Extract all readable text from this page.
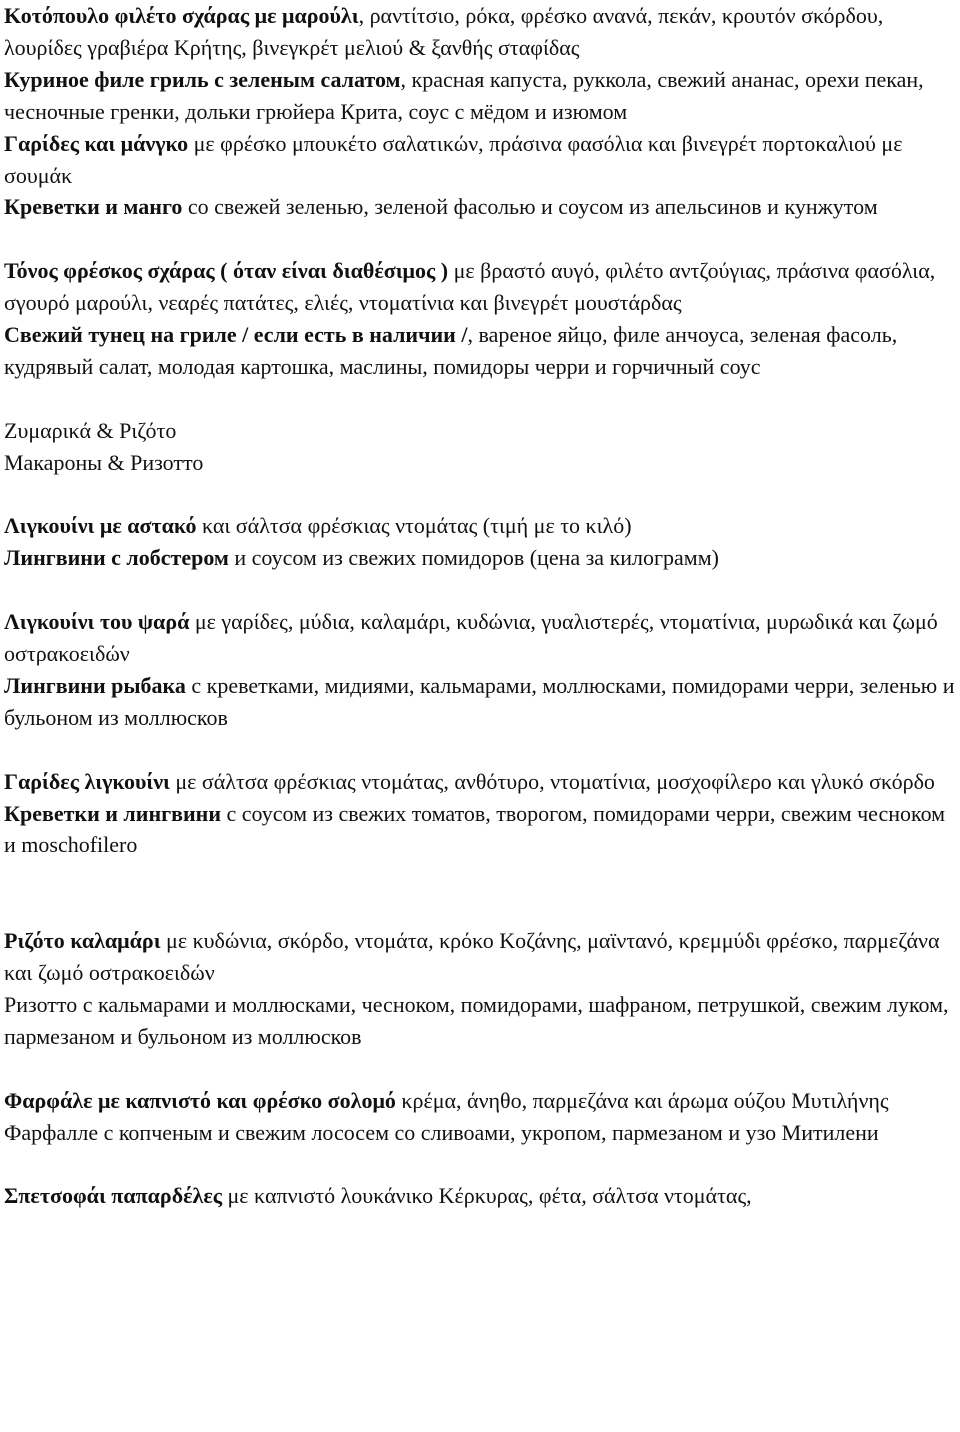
Κοτόπουλο φιλέτο σχάρας με μαρούλι, ραντίτσιο, ρόκα, φρέσκο ανανά, πεκάν, κρουτόν σκόρδου, λουρίδες γραβιέρα Κρήτης, βινεγκρέτ μελιού & ξανθής σταφίδας

Куриное филе гриль с зеленым салатом, красная капуста, руккола, свежий ананас, орехи пекан, чесночные гренки, дольки грюйера Крита, соус с мёдом и изюмом

Γαρίδες και μάνγκο με φρέσκο μπουκέτο σαλατικών, πράσινα φασόλια και βινεγρέτ πορτοκαλιού με σουμάκ

Креветки и манго со свежей зеленью, зеленой фасолью и соусом из апельсинов и кунжутом

Τόνος φρέσκος σχάρας ( όταν είναι διαθέσιμος ) με βραστό αυγό, φιλέτο αντζούγιας, πράσινα φασόλια, σγουρό μαρούλι, νεαρές πατάτες, ελιές, ντοματίνια και βινεγρέτ μουστάρδας

Свежий тунец на гриле / если есть в наличии /, вареное яйцо, филе анчоуса, зеленая фасоль, кудрявый салат, молодая картошка, маслины, помидоры черри и горчичный соус

Ζυμαρικά & Ριζότο

Макароны & Ризотто

Λιγκουίνι με αστακό και σάλτσα φρέσκιας ντομάτας (τιμή με το κιλό)

Лингвини с лобстером и соусом из свежих помидоров (цена за килограмм)

Λιγκουίνι του ψαρά με γαρίδες, μύδια, καλαμάρι, κυδώνια, γυαλιστερές, ντοματίνια, μυρωδικά και ζωμό οστρακοειδών

Лингвини рыбака с креветками, мидиями, кальмарами, моллюсками, помидорами черри, зеленью и бульоном из моллюсков

Γαρίδες λιγκουίνι με σάλτσα φρέσκιας ντομάτας, ανθότυρο, ντοματίνια, μοσχοφίλερο και γλυκό σκόρδο

Креветки и лингвини с соусом из свежих томатов, творогом, помидорами черри, свежим чесноком и moschofilero

Ριζότο καλαμάρι με κυδώνια, σκόρδο, ντομάτα, κρόκο Κοζάνης, μαϊντανό, κρεμμύδι φρέσκο, παρμεζάνα και ζωμό οστρακοειδών

Ризотто с кальмарами и моллюсками, чесноком, помидорами, шафраном, петрушкой, свежим луком, пармезаном и бульоном из моллюсков

Φαρφάλε με καπνιστό και φρέσκο σολομό κρέμα, άνηθο, παρμεζάνα και άρωμα ούζου Μυτιλήνης

Фарфалле с копченым и свежим лососем со сливоами, укропом, пармезаном и узо Митилени

Σπετσοφάι παπαρδέλες με καπνιστό λουκάνικο Κέρκυρας, φέτα, σάλτσα ντομάτας,
